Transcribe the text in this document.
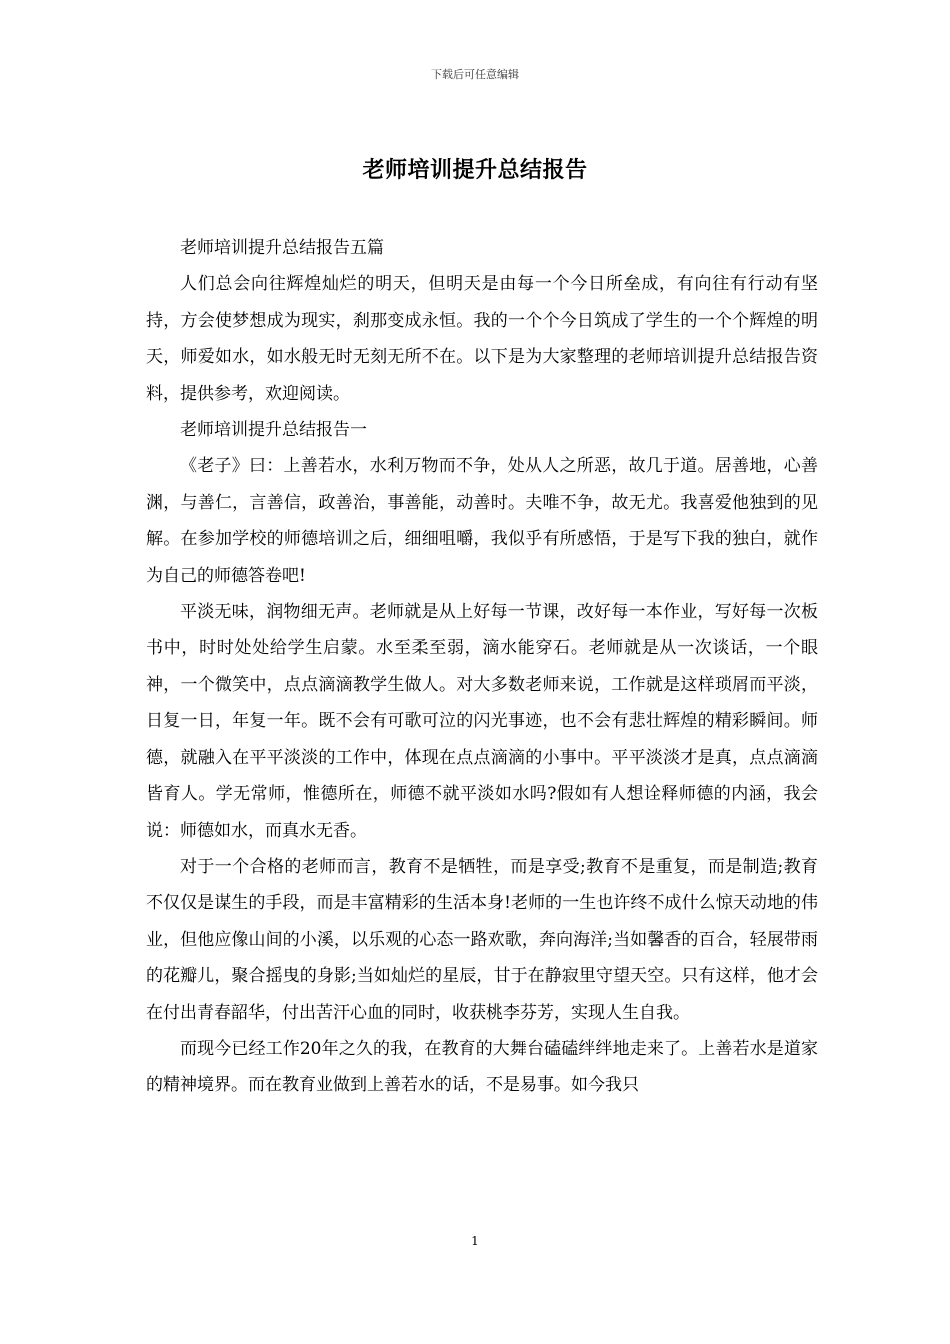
下载后可任意编辑
老师培训提升总结报告

老师培训提升总结报告五篇

人们总会向往辉煌灿烂的明天，但明天是由每一个今日所垒成，有向往有行动有坚持，方会使梦想成为现实，刹那变成永恒。我的一个个今日筑成了学生的一个个辉煌的明天，师爱如水，如水般无时无刻无所不在。以下是为大家整理的老师培训提升总结报告资料，提供参考，欢迎阅读。

老师培训提升总结报告一

《老子》曰：上善若水，水利万物而不争，处从人之所恶，故几于道。居善地，心善渊，与善仁，言善信，政善治，事善能，动善时。夫唯不争，故无尤。我喜爱他独到的见解。在参加学校的师德培训之后，细细咀嚼，我似乎有所感悟，于是写下我的独白，就作为自己的师德答卷吧!

平淡无味，润物细无声。老师就是从上好每一节课，改好每一本作业，写好每一次板书中，时时处处给学生启蒙。水至柔至弱，滴水能穿石。老师就是从一次谈话，一个眼神，一个微笑中，点点滴滴教学生做人。对大多数老师来说，工作就是这样琐屑而平淡，日复一日，年复一年。既不会有可歌可泣的闪光事迹，也不会有悲壮辉煌的精彩瞬间。师德，就融入在平平淡淡的工作中，体现在点点滴滴的小事中。平平淡淡才是真，点点滴滴皆育人。学无常师，惟德所在，师德不就平淡如水吗?假如有人想诠释师德的内涵，我会说：师德如水，而真水无香。

对于一个合格的老师而言，教育不是牺牲，而是享受;教育不是重复，而是制造;教育不仅仅是谋生的手段，而是丰富精彩的生活本身!老师的一生也许终不成什么惊天动地的伟业，但他应像山间的小溪，以乐观的心态一路欢歌，奔向海洋;当如馨香的百合，轻展带雨的花瓣儿，聚合摇曳的身影;当如灿烂的星辰，甘于在静寂里守望天空。只有这样，他才会在付出青春韶华，付出苦汗心血的同时，收获桃李芬芳，实现人生自我。

而现今已经工作20年之久的我，在教育的大舞台磕磕绊绊地走来了。上善若水是道家的精神境界。而在教育业做到上善若水的话，不是易事。如今我只

1
